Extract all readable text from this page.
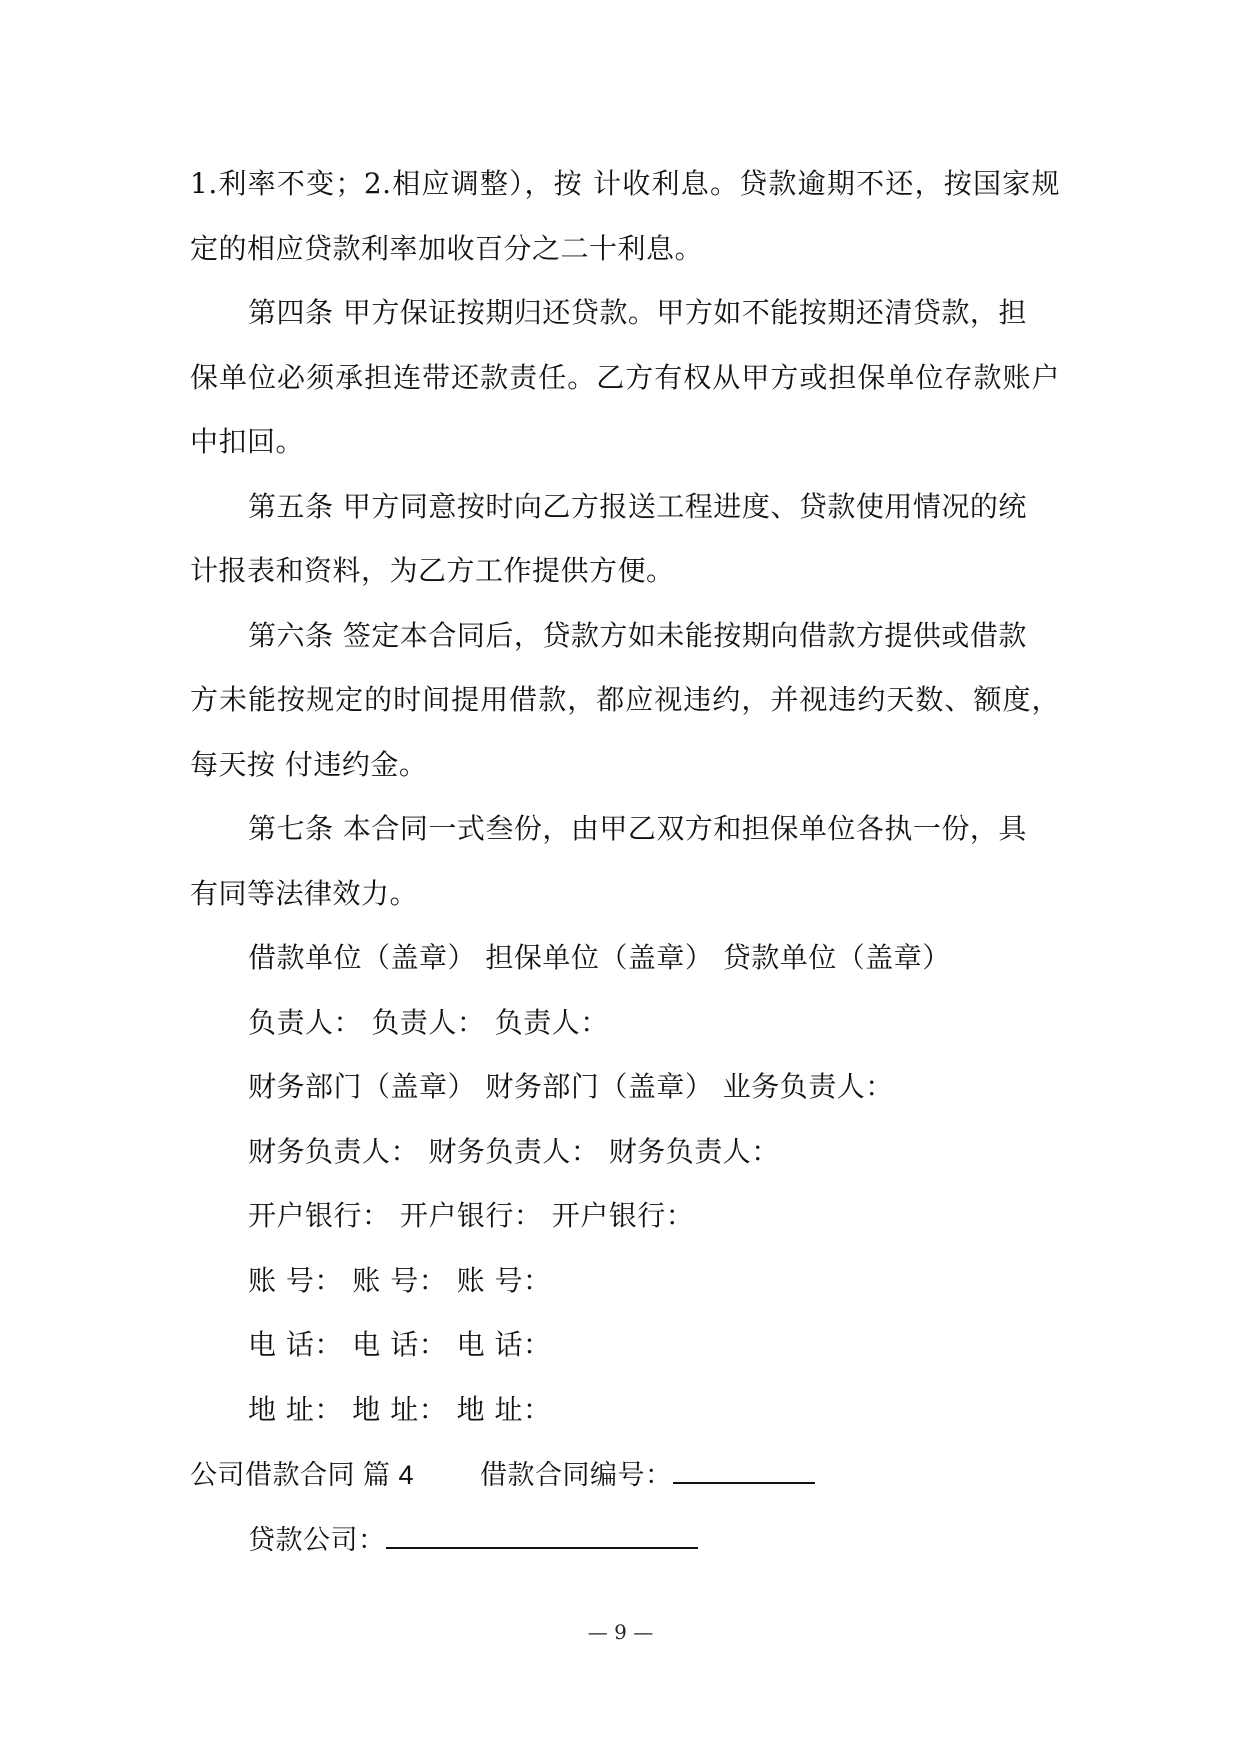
1.利率不变；2.相应调整），按 计收利息。贷款逾期不还，按国家规
定的相应贷款利率加收百分之二十利息。
第四条 甲方保证按期归还贷款。甲方如不能按期还清贷款，担
保单位必须承担连带还款责任。乙方有权从甲方或担保单位存款账户
中扣回。
第五条 甲方同意按时向乙方报送工程进度、贷款使用情况的统
计报表和资料，为乙方工作提供方便。
第六条 签定本合同后，贷款方如未能按期向借款方提供或借款
方未能按规定的时间提用借款，都应视违约，并视违约天数、额度，
每天按 付违约金。
第七条 本合同一式叁份，由甲乙双方和担保单位各执一份，具
有同等法律效力。
借款单位（盖章） 担保单位（盖章） 贷款单位（盖章）
负责人： 负责人： 负责人：
财务部门（盖章） 财务部门（盖章） 业务负责人：
财务负责人： 财务负责人： 财务负责人：
开户银行： 开户银行： 开户银行：
账 号： 账 号： 账 号：
电 话： 电 话： 电 话：
地 址： 地 址： 地 址：
公司借款合同 篇 4 借款合同编号：
贷款公司：
— 9 —
